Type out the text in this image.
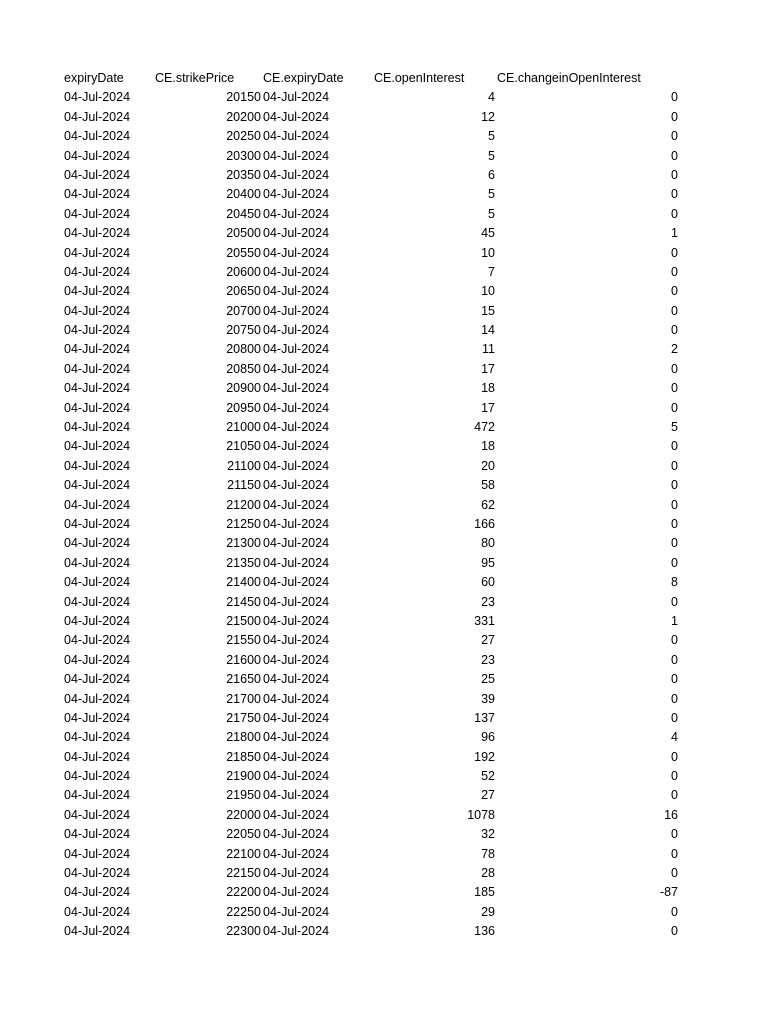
expiryDate	CE.strikePrice CE.expiryDate CE.openInterest	CE.changeinOpenInterest
04-Jul-2024	20150 04-Jul-2024	4	0
04-Jul-2024	20200 04-Jul-2024	12	0
04-Jul-2024	20250 04-Jul-2024	5	0
04-Jul-2024	20300 04-Jul-2024	5	0
04-Jul-2024	20350 04-Jul-2024	6	0
04-Jul-2024	20400 04-Jul-2024	5	0
04-Jul-2024	20450 04-Jul-2024	5	0
04-Jul-2024	20500 04-Jul-2024	45	1
04-Jul-2024	20550 04-Jul-2024	10	0
04-Jul-2024	20600 04-Jul-2024	7	0
04-Jul-2024	20650 04-Jul-2024	10	0
04-Jul-2024	20700 04-Jul-2024	15	0
04-Jul-2024	20750 04-Jul-2024	14	0
04-Jul-2024	20800 04-Jul-2024	11	2
04-Jul-2024	20850 04-Jul-2024	17	0
04-Jul-2024	20900 04-Jul-2024	18	0
04-Jul-2024	20950 04-Jul-2024	17	0
04-Jul-2024	21000 04-Jul-2024	472	5
04-Jul-2024	21050 04-Jul-2024	18	0
04-Jul-2024	21100 04-Jul-2024	20	0
04-Jul-2024	21150 04-Jul-2024	58	0
04-Jul-2024	21200 04-Jul-2024	62	0
04-Jul-2024	21250 04-Jul-2024	166	0
04-Jul-2024	21300 04-Jul-2024	80	0
04-Jul-2024	21350 04-Jul-2024	95	0
04-Jul-2024	21400 04-Jul-2024	60	8
04-Jul-2024	21450 04-Jul-2024	23	0
04-Jul-2024	21500 04-Jul-2024	331	1
04-Jul-2024	21550 04-Jul-2024	27	0
04-Jul-2024	21600 04-Jul-2024	23	0
04-Jul-2024	21650 04-Jul-2024	25	0
04-Jul-2024	21700 04-Jul-2024	39	0
04-Jul-2024	21750 04-Jul-2024	137	0
04-Jul-2024	21800 04-Jul-2024	96	4
04-Jul-2024	21850 04-Jul-2024	192	0
04-Jul-2024	21900 04-Jul-2024	52	0
04-Jul-2024	21950 04-Jul-2024	27	0
04-Jul-2024	22000 04-Jul-2024	1078	16
04-Jul-2024	22050 04-Jul-2024	32	0
04-Jul-2024	22100 04-Jul-2024	78	0
04-Jul-2024	22150 04-Jul-2024	28	0
04-Jul-2024	22200 04-Jul-2024	185	-87
04-Jul-2024	22250 04-Jul-2024	29	0
04-Jul-2024	22300 04-Jul-2024	136	0
